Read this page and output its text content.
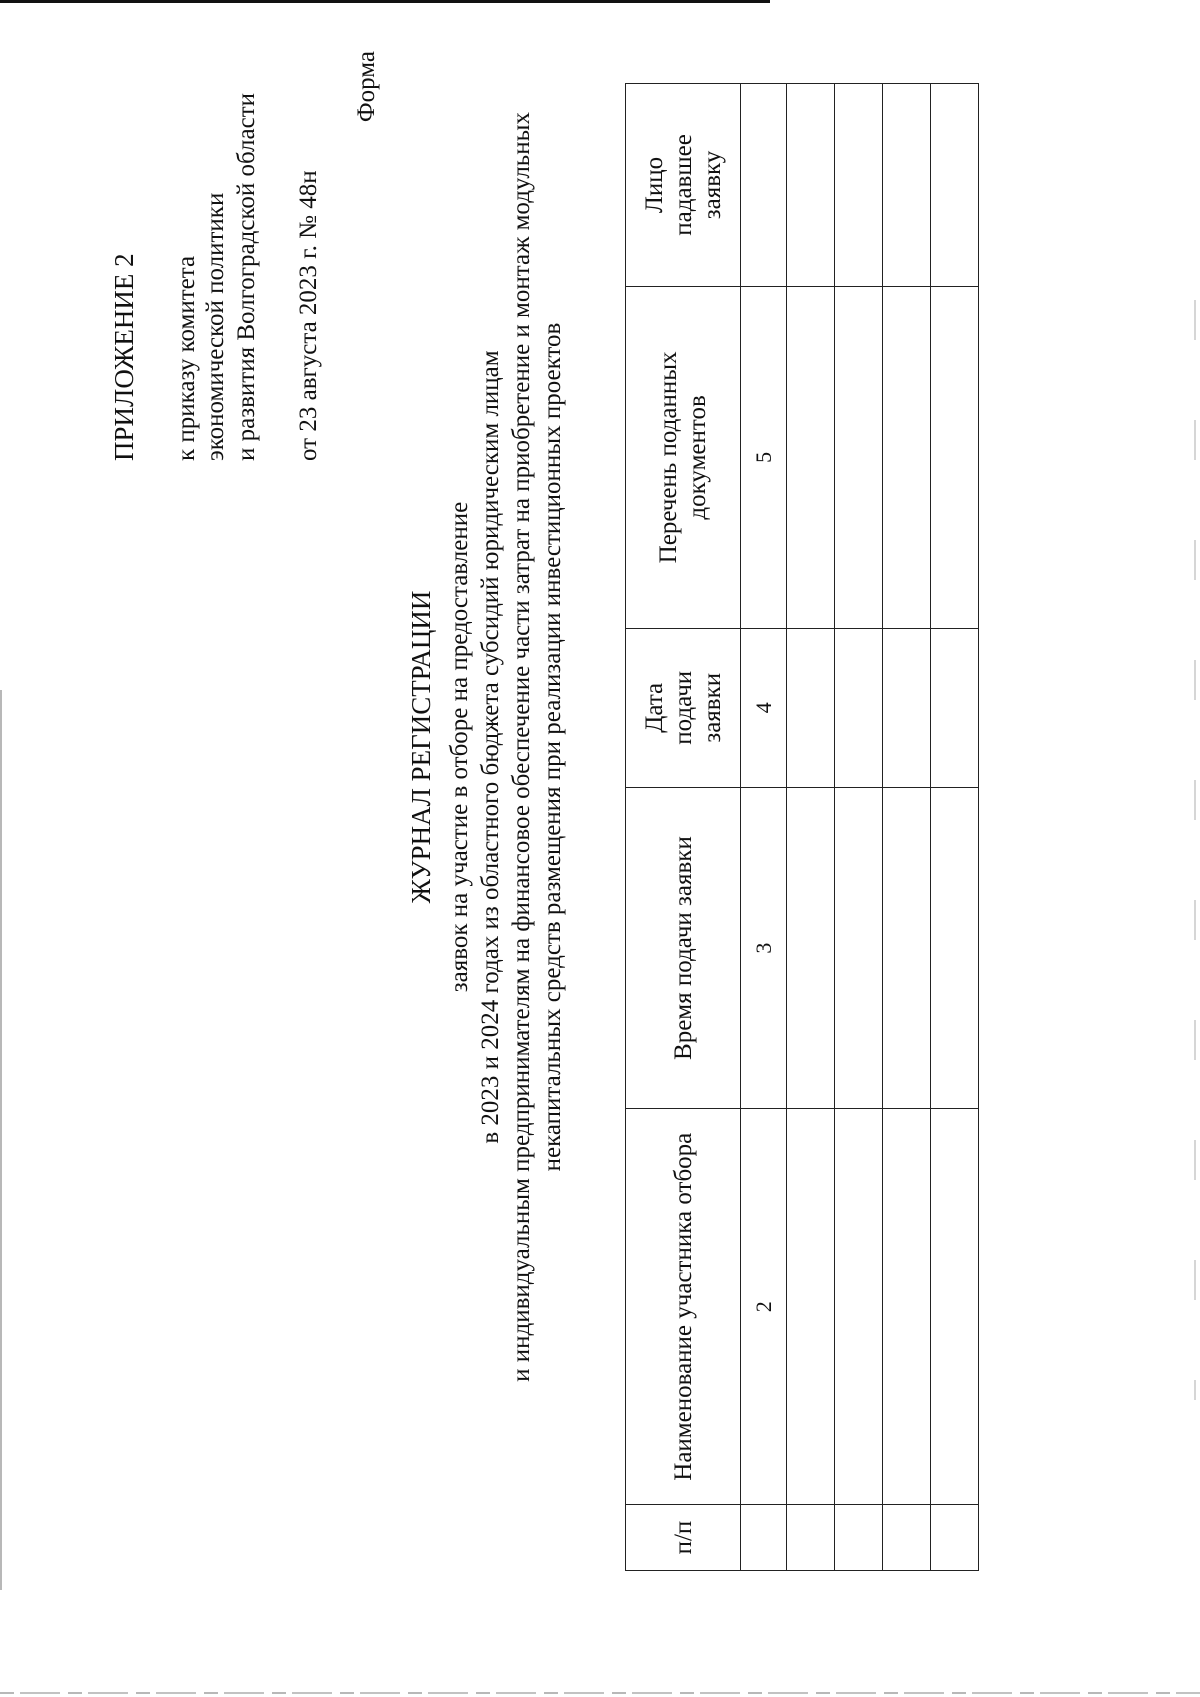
ПРИЛОЖЕНИЕ 2 к приказу комитета экономической политики и развития Волгоградской области от 23 августа 2023 г. № 48н
Форма
ЖУРНАЛ РЕГИСТРАЦИИ заявок на участие в отборе на предоставление в 2023 и 2024 годах из областного бюджета субсидий юридическим лицам и индивидуальным предпринимателям на финансовое обеспечение части затрат на приобретение и монтаж модульных некапитальных средств размещения при реализации инвестиционных проектов
п/п	Наименование участника отбора	Время подачи заявки	Дата подачи заявки	Перечень поданных документов	Лицо падавшее заявку
	2	3	4	5	
